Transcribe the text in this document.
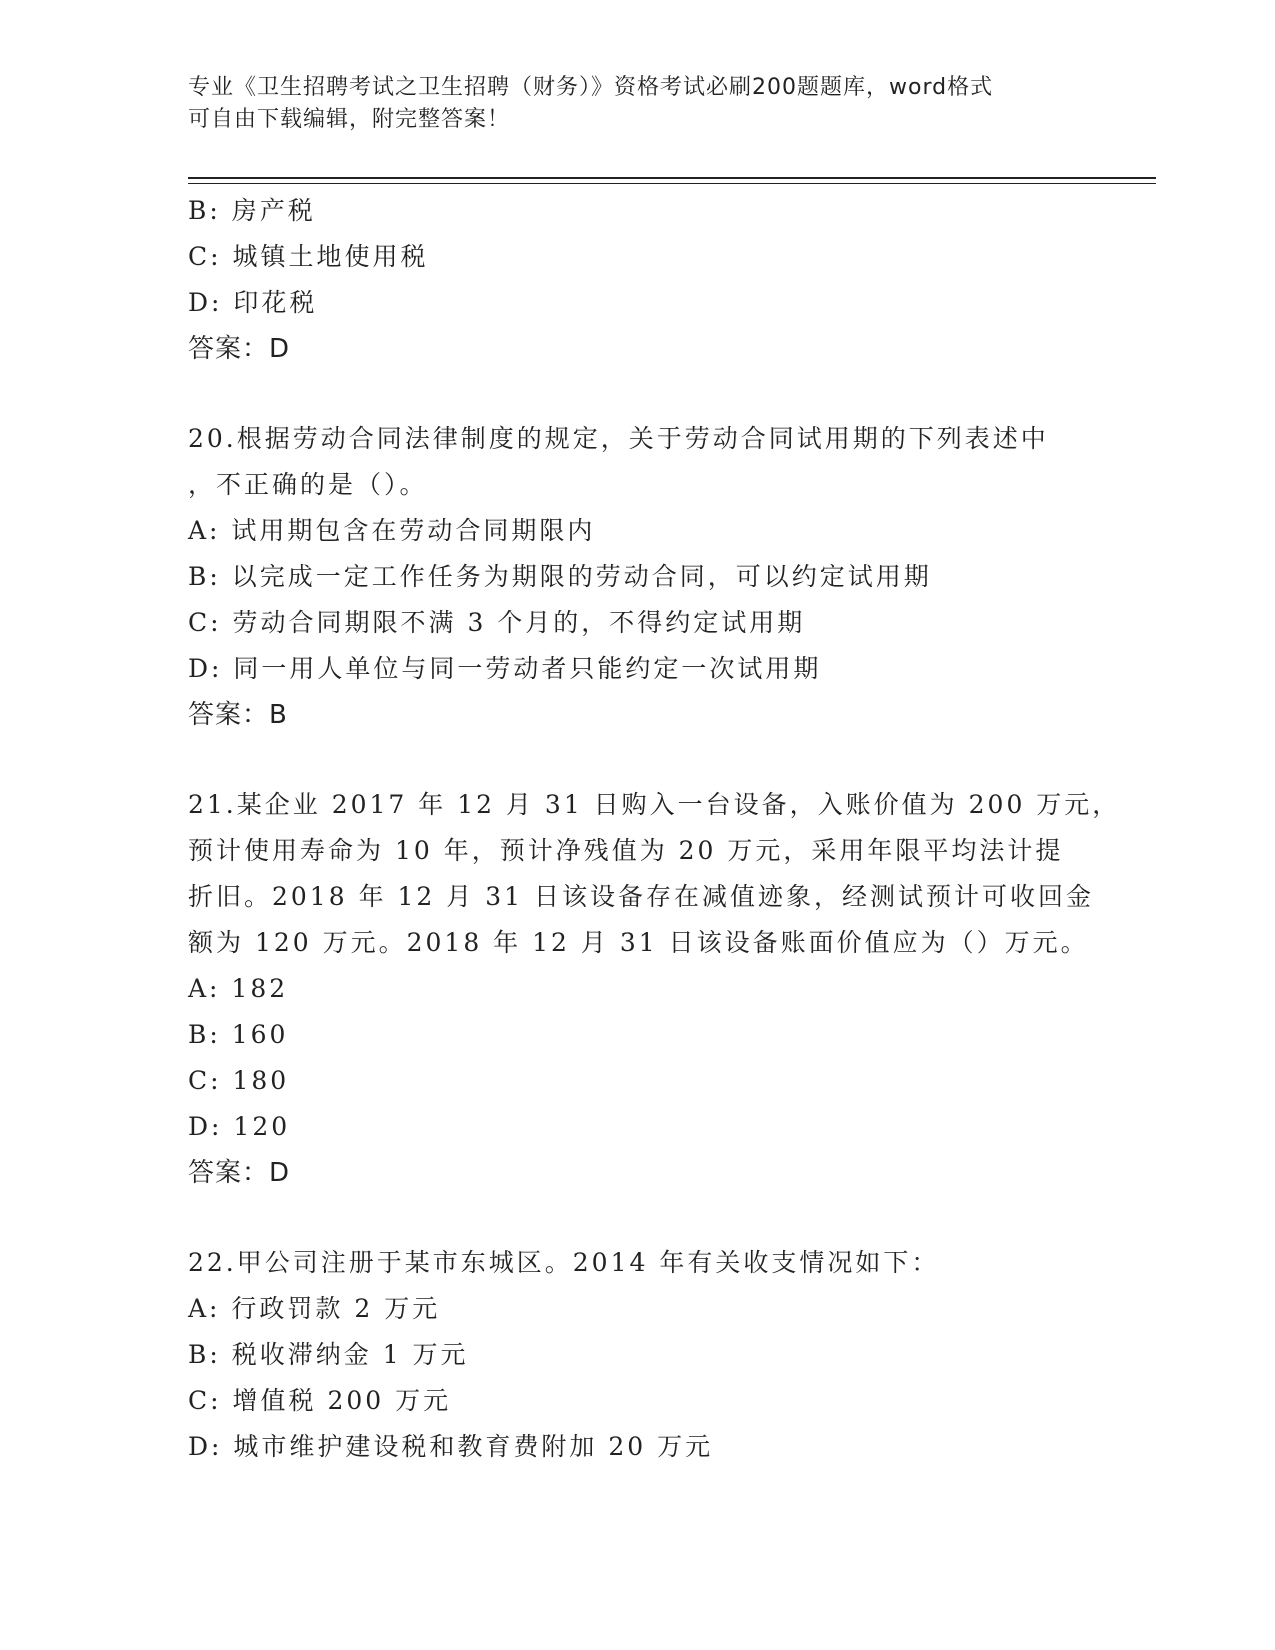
专业《卫生招聘考试之卫生招聘（财务）》资格考试必刷200题题库，word格式
可自由下载编辑，附完整答案！
B: 房产税
C: 城镇土地使用税
D: 印花税
答案：D
20.根据劳动合同法律制度的规定，关于劳动合同试用期的下列表述中
，不正确的是（）。
A: 试用期包含在劳动合同期限内
B: 以完成一定工作任务为期限的劳动合同，可以约定试用期
C: 劳动合同期限不满 3 个月的，不得约定试用期
D: 同一用人单位与同一劳动者只能约定一次试用期
答案：B
21.某企业 2017 年 12 月 31 日购入一台设备，入账价值为 200 万元，
预计使用寿命为 10 年，预计净残值为 20 万元，采用年限平均法计提
折旧。2018 年 12 月 31 日该设备存在减值迹象，经测试预计可收回金
额为 120 万元。2018 年 12 月 31 日该设备账面价值应为（）万元。
A: 182
B: 160
C: 180
D: 120
答案：D
22.甲公司注册于某市东城区。2014 年有关收支情况如下：
A: 行政罚款 2 万元
B: 税收滞纳金 1 万元
C: 增值税 200 万元
D: 城市维护建设税和教育费附加 20 万元
